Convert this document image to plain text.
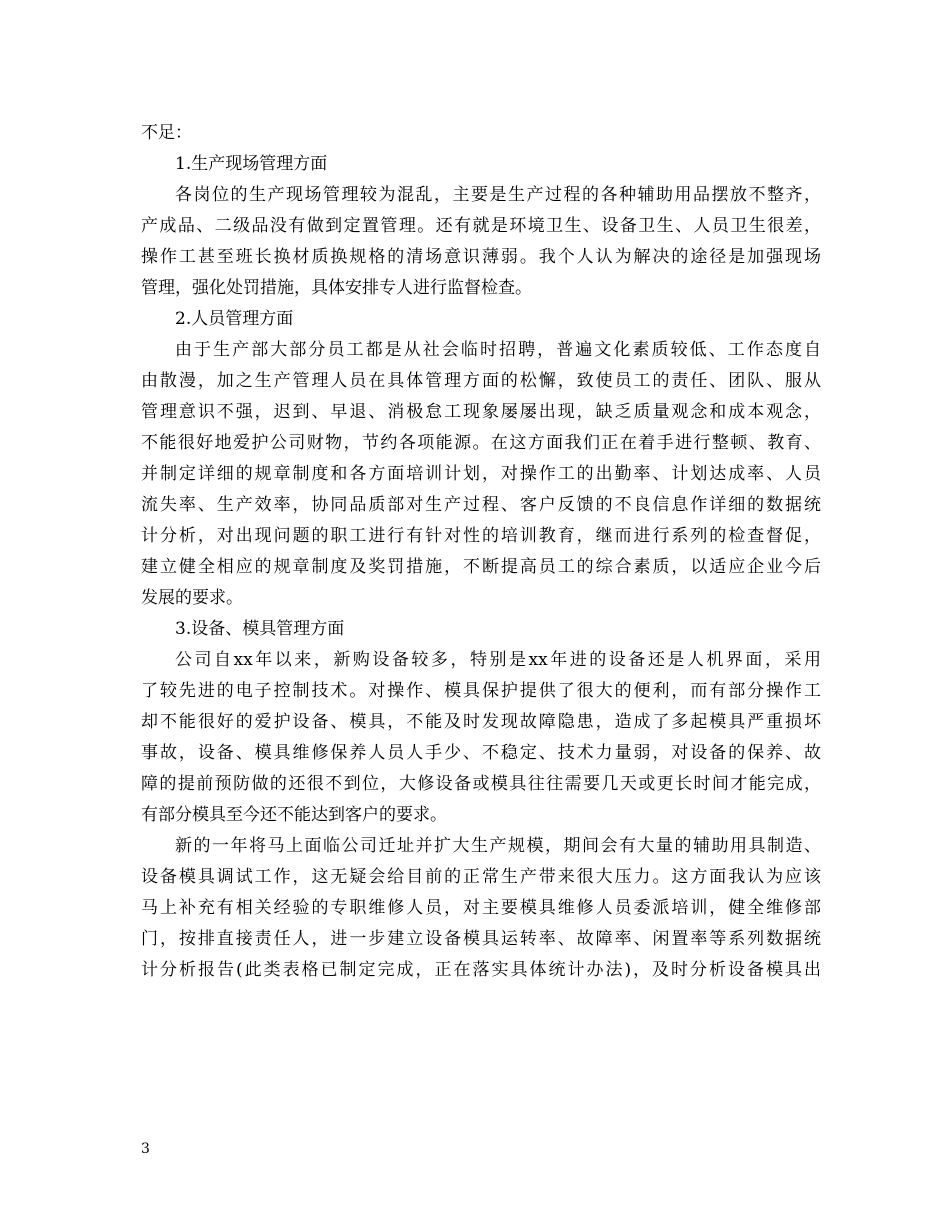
不足：
1.生产现场管理方面
各岗位的生产现场管理较为混乱，主要是生产过程的各种辅助用品摆放不整齐，
产成品、二级品没有做到定置管理。还有就是环境卫生、设备卫生、人员卫生很差，
操作工甚至班长换材质换规格的清场意识薄弱。我个人认为解决的途径是加强现场
管理，强化处罚措施，具体安排专人进行监督检查。
2.人员管理方面
由于生产部大部分员工都是从社会临时招聘，普遍文化素质较低、工作态度自
由散漫，加之生产管理人员在具体管理方面的松懈，致使员工的责任、团队、服从
管理意识不强，迟到、早退、消极怠工现象屡屡出现，缺乏质量观念和成本观念，
不能很好地爱护公司财物，节约各项能源。在这方面我们正在着手进行整顿、教育、
并制定详细的规章制度和各方面培训计划，对操作工的出勤率、计划达成率、人员
流失率、生产效率，协同品质部对生产过程、客户反馈的不良信息作详细的数据统
计分析，对出现问题的职工进行有针对性的培训教育，继而进行系列的检查督促，
建立健全相应的规章制度及奖罚措施，不断提高员工的综合素质，以适应企业今后
发展的要求。
3.设备、模具管理方面
公司自xx年以来，新购设备较多，特别是xx年进的设备还是人机界面，采用
了较先进的电子控制技术。对操作、模具保护提供了很大的便利，而有部分操作工
却不能很好的爱护设备、模具，不能及时发现故障隐患，造成了多起模具严重损坏
事故，设备、模具维修保养人员人手少、不稳定、技术力量弱，对设备的保养、故
障的提前预防做的还很不到位，大修设备或模具往往需要几天或更长时间才能完成，
有部分模具至今还不能达到客户的要求。
新的一年将马上面临公司迁址并扩大生产规模，期间会有大量的辅助用具制造、
设备模具调试工作，这无疑会给目前的正常生产带来很大压力。这方面我认为应该
马上补充有相关经验的专职维修人员，对主要模具维修人员委派培训，健全维修部
门，按排直接责任人，进一步建立设备模具运转率、故障率、闲置率等系列数据统
计分析报告(此类表格已制定完成，正在落实具体统计办法)，及时分析设备模具出
3
